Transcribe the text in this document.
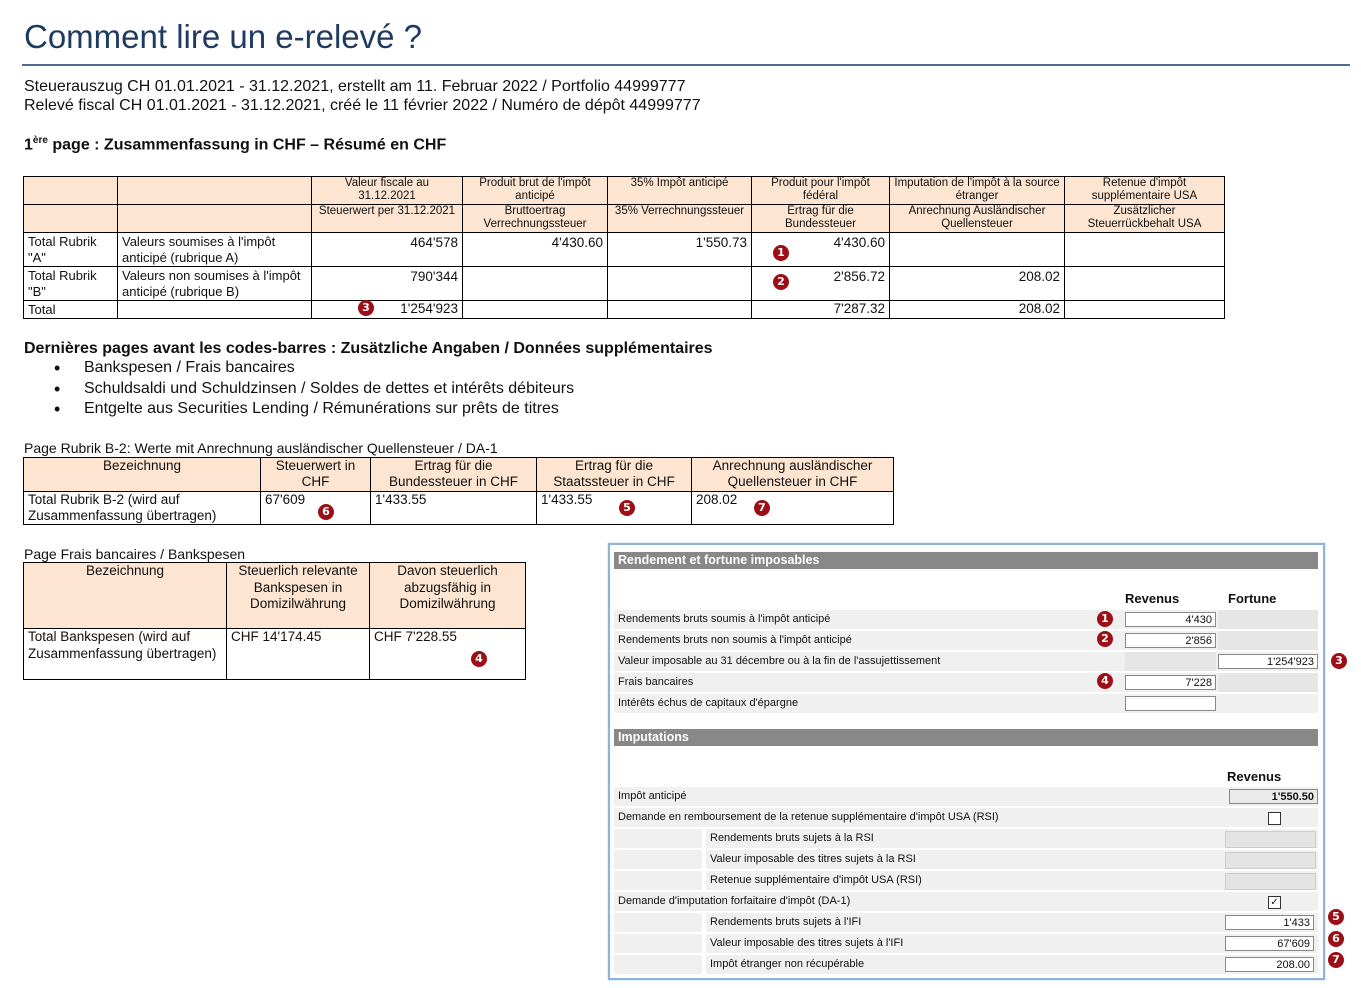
Comment lire un e-relevé ?
Steuerauszug CH 01.01.2021 - 31.12.2021, erstellt am 11. Februar 2022 / Portfolio 44999777
Relevé fiscal CH 01.01.2021 - 31.12.2021, créé le 11 février 2022 / Numéro de dépôt 44999777
1ère page : Zusammenfassung in CHF – Résumé en CHF
		Valeur fiscale au 31.12.2021	Produit brut de l'impôt anticipé	35% Impôt anticipé	Produit pour l'impôt fédéral	Imputation de l'impôt à la source étranger	Retenue d'impôt supplémentaire USA
		Steuerwert per 31.12.2021	Bruttoertrag Verrechnungssteuer	35% Verrechnungssteuer	Ertrag für die Bundessteuer	Anrechnung Ausländischer Quellensteuer	Zusätzlicher Steuerrückbehalt USA
Total Rubrik "A"	Valeurs soumises à l'impôt anticipé (rubrique A)	464'578	4'430.60	1'550.73	4'430.60		
Total Rubrik "B"	Valeurs non soumises à l'impôt anticipé (rubrique B)	790'344			2'856.72	208.02	
Total		1'254'923			7'287.32	208.02	
Dernières pages avant les codes-barres : Zusätzliche Angaben / Données supplémentaires
• Bankspesen / Frais bancaires
• Schuldsaldi und Schuldzinsen / Soldes de dettes et intérêts débiteurs
• Entgelte aus Securities Lending / Rémunérations sur prêts de titres
Page Rubrik B-2: Werte mit Anrechnung ausländischer Quellensteuer / DA-1
Bezeichnung	Steuerwert in CHF	Ertrag für die Bundessteuer in CHF	Ertrag für die Staatssteuer in CHF	Anrechnung ausländischer Quellensteuer in CHF
Total Rubrik B-2 (wird auf Zusammenfassung übertragen)	67'609	1'433.55	1'433.55	208.02
Page Frais bancaires / Bankspesen
Bezeichnung	Steuerlich relevante Bankspesen in Domizilwährung	Davon steuerlich abzugsfähig in Domizilwährung
Total Bankspesen (wird auf Zusammenfassung übertragen)	CHF 14'174.45	CHF 7'228.55
1
2
3
5
6	7
4
Rendement et fortune imposables
Revenus	Fortune
Rendements bruts soumis à l'impôt anticipé	4'430
Rendements bruts non soumis à l'impôt anticipé	2'856
Valeur imposable au 31 décembre ou à la fin de l'assujettissement	1'254'923
Frais bancaires	7'228
Intérêts échus de capitaux d'épargne
Imputations
Revenus
Impôt anticipé	1'550.50
Demande en remboursement de la retenue supplémentaire d'impôt USA (RSI)
Rendements bruts sujets à la RSI
Valeur imposable des titres sujets à la RSI
Retenue supplémentaire d'impôt USA (RSI)
Demande d'imputation forfaitaire d'impôt (DA-1)	✓
Rendements bruts sujets à l'IFI	1'433
Valeur imposable des titres sujets à l'IFI	67'609
Impôt étranger non récupérable	208.00
1
2
3
4
5
6
7
